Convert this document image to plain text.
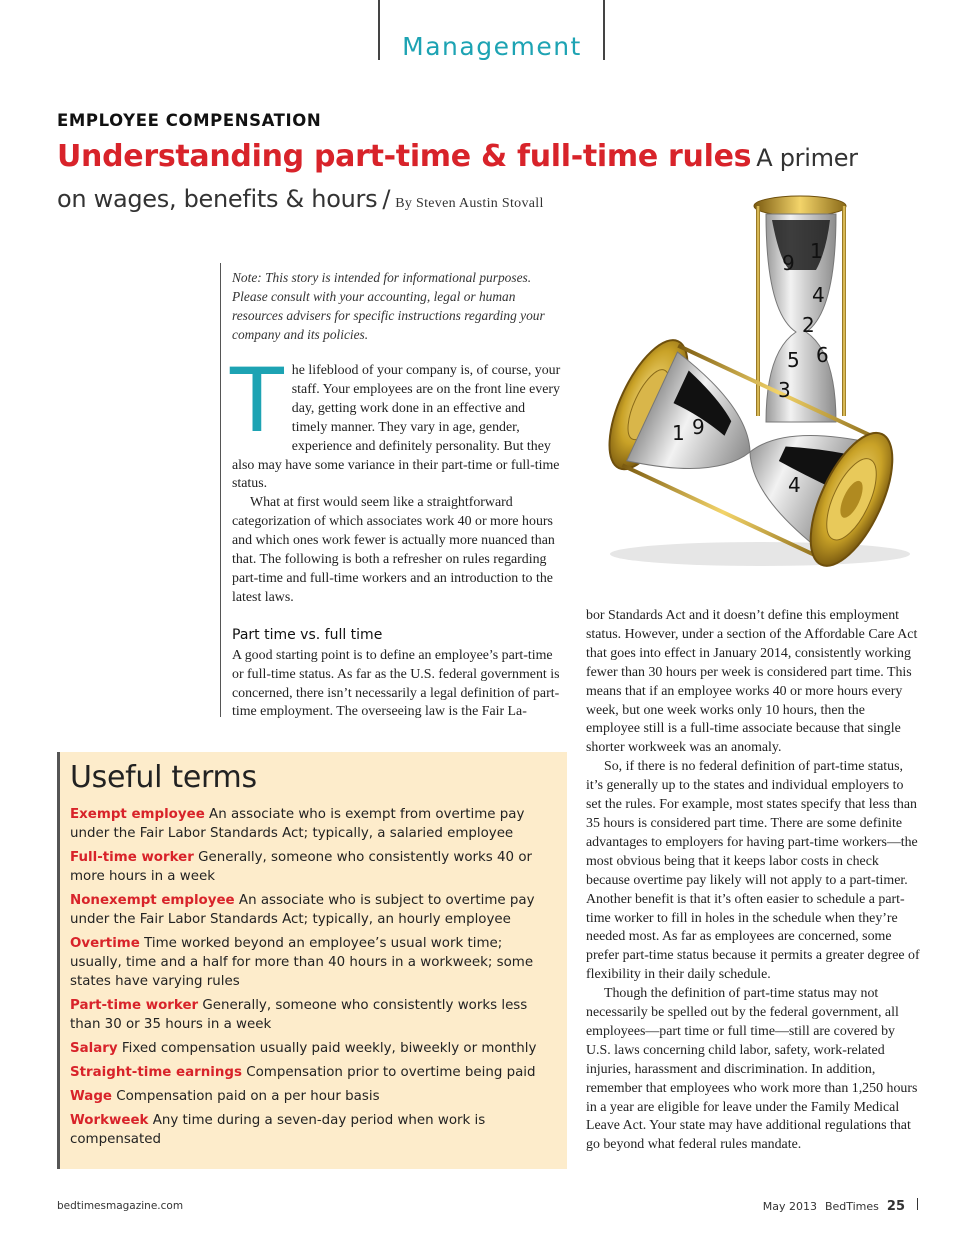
Management
EMPLOYEE COMPENSATION
Understanding part-time & full-time rules A primer
on wages, benefits & hours / By Steven Austin Stovall
Note: This story is intended for informational purposes. Please consult with your accounting, legal or human resources advisers for specific instructions regarding your company and its policies.
T he lifeblood of your company is, of course, your staff. Your employees are on the front line every day, getting work done in an effective and timely manner. They vary in age, gender, experience and definitely personality. But they also may have some variance in their part-time or full-time status.

What at first would seem like a straightforward categorization of which associates work 40 or more hours and which ones work fewer is actually more nuanced than that. The following is both a refresher on rules regarding part-time and full-time workers and an introduction to the latest laws.

Part time vs. full time

A good starting point is to define an employee’s part-time or full-time status. As far as the U.S. federal government is concerned, there isn’t necessarily a legal definition of part-time employment. The overseeing law is the Fair La-

9 1
2
4
5 6
3
4
1 9

bor Standards Act and it doesn’t define this employment status. However, under a section of the Affordable Care Act that goes into effect in January 2014, consistently working fewer than 30 hours per week is considered part time. This means that if an employee works 40 or more hours every week, but one week works only 10 hours, then the employee still is a full-time associate because that single shorter workweek was an anomaly.

So, if there is no federal definition of part-time status, it’s generally up to the states and individual employers to set the rules. For example, most states specify that less than 35 hours is considered part time. There are some definite advantages to employers for having part-time workers—the most obvious being that it keeps labor costs in check because overtime pay likely will not apply to a part-timer. Another benefit is that it’s often easier to schedule a part-time worker to fill in holes in the schedule when they’re needed most. As far as employees are concerned, some prefer part-time status because it permits a greater degree of flexibility in their daily schedule.

Though the definition of part-time status may not necessarily be spelled out by the federal government, all employees—part time or full time—still are covered by U.S. laws concerning child labor, safety, work-related injuries, harassment and discrimination. In addition, remember that employees who work more than 1,250 hours in a year are eligible for leave under the Family Medical Leave Act. Your state may have additional regulations that go beyond what federal rules mandate.

Useful terms
Exempt employee An associate who is exempt from overtime pay under the Fair Labor Standards Act; typically, a salaried employee
Full-time worker Generally, someone who consistently works 40 or more hours in a week
Nonexempt employee An associate who is subject to overtime pay under the Fair Labor Standards Act; typically, an hourly employee
Overtime Time worked beyond an employee’s usual work time; usually, time and a half for more than 40 hours in a workweek; some states have varying rules
Part-time worker Generally, someone who consistently works less than 30 or 35 hours in a week
Salary Fixed compensation usually paid weekly, biweekly or monthly
Straight-time earnings Compensation prior to overtime being paid
Wage Compensation paid on a per hour basis
Workweek Any time during a seven-day period when work is compensated
bedtimesmagazine.com	May 2013 BedTimes 25
